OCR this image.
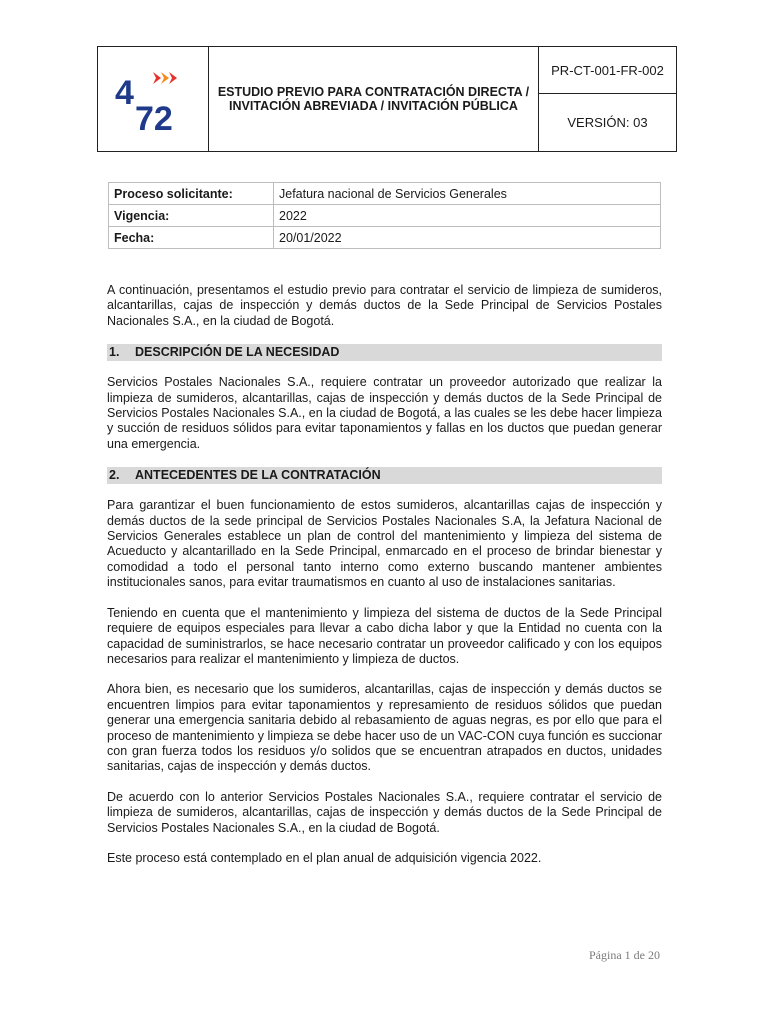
4
72
ESTUDIO PREVIO PARA CONTRATACIÓN DIRECTA / INVITACIÓN ABREVIADA / INVITACIÓN PÚBLICA
PR-CT-001-FR-002
VERSIÓN: 03
Proceso solicitante:	Jefatura nacional de Servicios Generales
Vigencia:	2022
Fecha:	20/01/2022

A continuación, presentamos el estudio previo para contratar el servicio de limpieza de sumideros, alcantarillas, cajas de inspección y demás ductos de la Sede Principal de Servicios Postales Nacionales S.A., en la ciudad de Bogotá.

1.	DESCRIPCIÓN DE LA NECESIDAD

Servicios Postales Nacionales S.A., requiere contratar un proveedor autorizado que realizar la limpieza de sumideros, alcantarillas, cajas de inspección y demás ductos de la Sede Principal de Servicios Postales Nacionales S.A., en la ciudad de Bogotá, a las cuales se les debe hacer limpieza y succión de residuos sólidos para evitar taponamientos y fallas en los ductos que puedan generar una emergencia.

2.	ANTECEDENTES DE LA CONTRATACIÓN

Para garantizar el buen funcionamiento de estos sumideros, alcantarillas cajas de inspección y demás ductos de la sede principal de Servicios Postales Nacionales S.A, la Jefatura Nacional de Servicios Generales establece un plan de control del mantenimiento y limpieza del sistema de Acueducto y alcantarillado en la Sede Principal, enmarcado en el proceso de brindar bienestar y comodidad a todo el personal tanto interno como externo buscando mantener ambientes institucionales sanos, para evitar traumatismos en cuanto al uso de instalaciones sanitarias.

Teniendo en cuenta que el mantenimiento y limpieza del sistema de ductos de la Sede Principal requiere de equipos especiales para llevar a cabo dicha labor y que la Entidad no cuenta con la capacidad de suministrarlos, se hace necesario contratar un proveedor calificado y con los equipos necesarios para realizar el mantenimiento y limpieza de ductos.

Ahora bien, es necesario que los sumideros, alcantarillas, cajas de inspección y demás ductos se encuentren limpios para evitar taponamientos y represamiento de residuos sólidos que puedan generar una emergencia sanitaria debido al rebasamiento de aguas negras, es por ello que para el proceso de mantenimiento y limpieza se debe hacer uso de un VAC-CON cuya función es succionar con gran fuerza todos los residuos y/o solidos que se encuentran atrapados en ductos, unidades sanitarias, cajas de inspección y demás ductos.

De acuerdo con lo anterior Servicios Postales Nacionales S.A., requiere contratar el servicio de limpieza de sumideros, alcantarillas, cajas de inspección y demás ductos de la Sede Principal de Servicios Postales Nacionales S.A., en la ciudad de Bogotá.

Este proceso está contemplado en el plan anual de adquisición vigencia 2022.

Página 1 de 20
